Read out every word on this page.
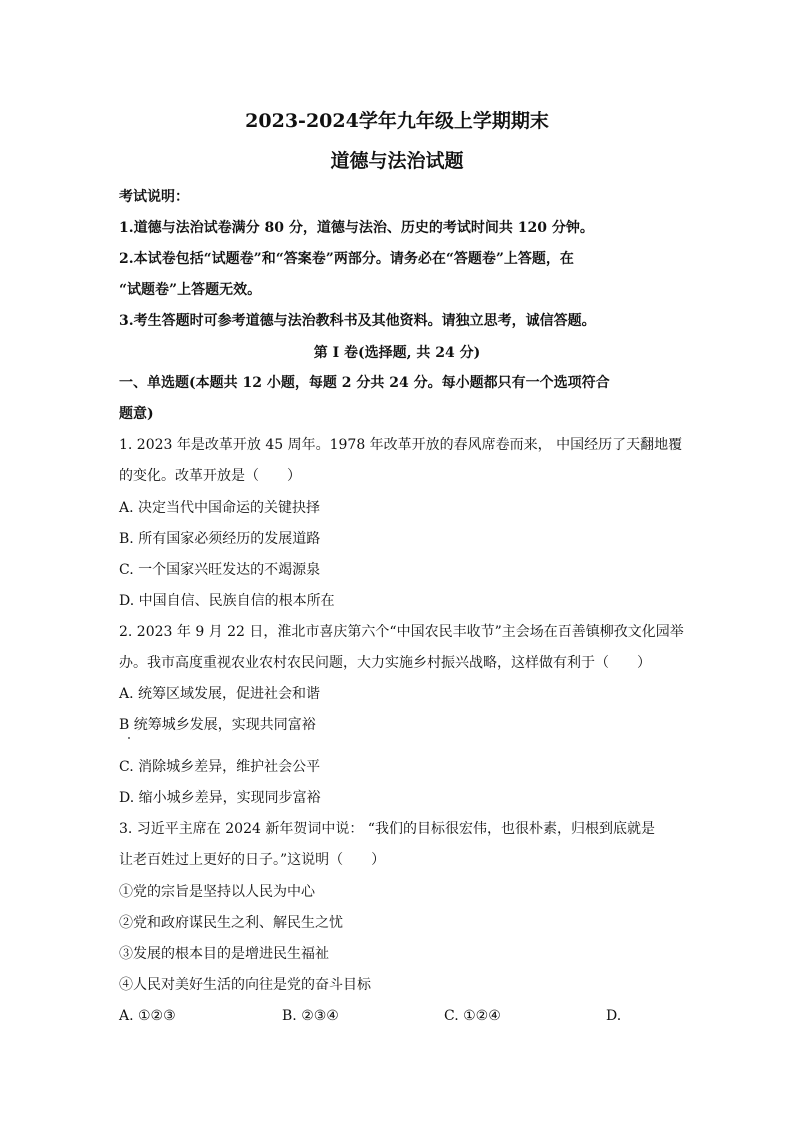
2023-2024学年九年级上学期期末
道德与法治试题
考试说明：
1.道德与法治试卷满分 80 分，道德与法治、历史的考试时间共 120 分钟。
2.本试卷包括“试题卷”和“答案卷”两部分。请务必在“答题卷”上答题，在
“试题卷”上答题无效。
3.考生答题时可参考道德与法治教科书及其他资料。请独立思考，诚信答题。
第 I 卷(选择题, 共 24 分)
一、单选题(本题共 12 小题，每题 2 分共 24 分。每小题都只有一个选项符合
题意)
1. 2023 年是改革开放 45 周年。1978 年改革开放的春风席卷而来， 中国经历了天翻地覆
的变化。改革开放是（　　）
A. 决定当代中国命运的关键抉择
B. 所有国家必须经历的发展道路
C. 一个国家兴旺发达的不竭源泉
D. 中国自信、民族自信的根本所在
2. 2023 年 9 月 22 日，淮北市喜庆第六个“中国农民丰收节”主会场在百善镇柳孜文化园举
办。我市高度重视农业农村农民问题，大力实施乡村振兴战略，这样做有利于（　　）
A. 统筹区域发展，促进社会和谐
B 统筹城乡发展，实现共同富裕
C. 消除城乡差异，维护社会公平
D. 缩小城乡差异，实现同步富裕
3. 习近平主席在 2024 新年贺词中说： “我们的目标很宏伟，也很朴素，归根到底就是
让老百姓过上更好的日子。”这说明（　　）
①党的宗旨是坚持以人民为中心
②党和政府谋民生之利、解民生之忧
③发展的根本目的是增进民生福祉
④人民对美好生活的向往是党的奋斗目标
A. ①②③	B. ②③④	C. ①②④	D.
